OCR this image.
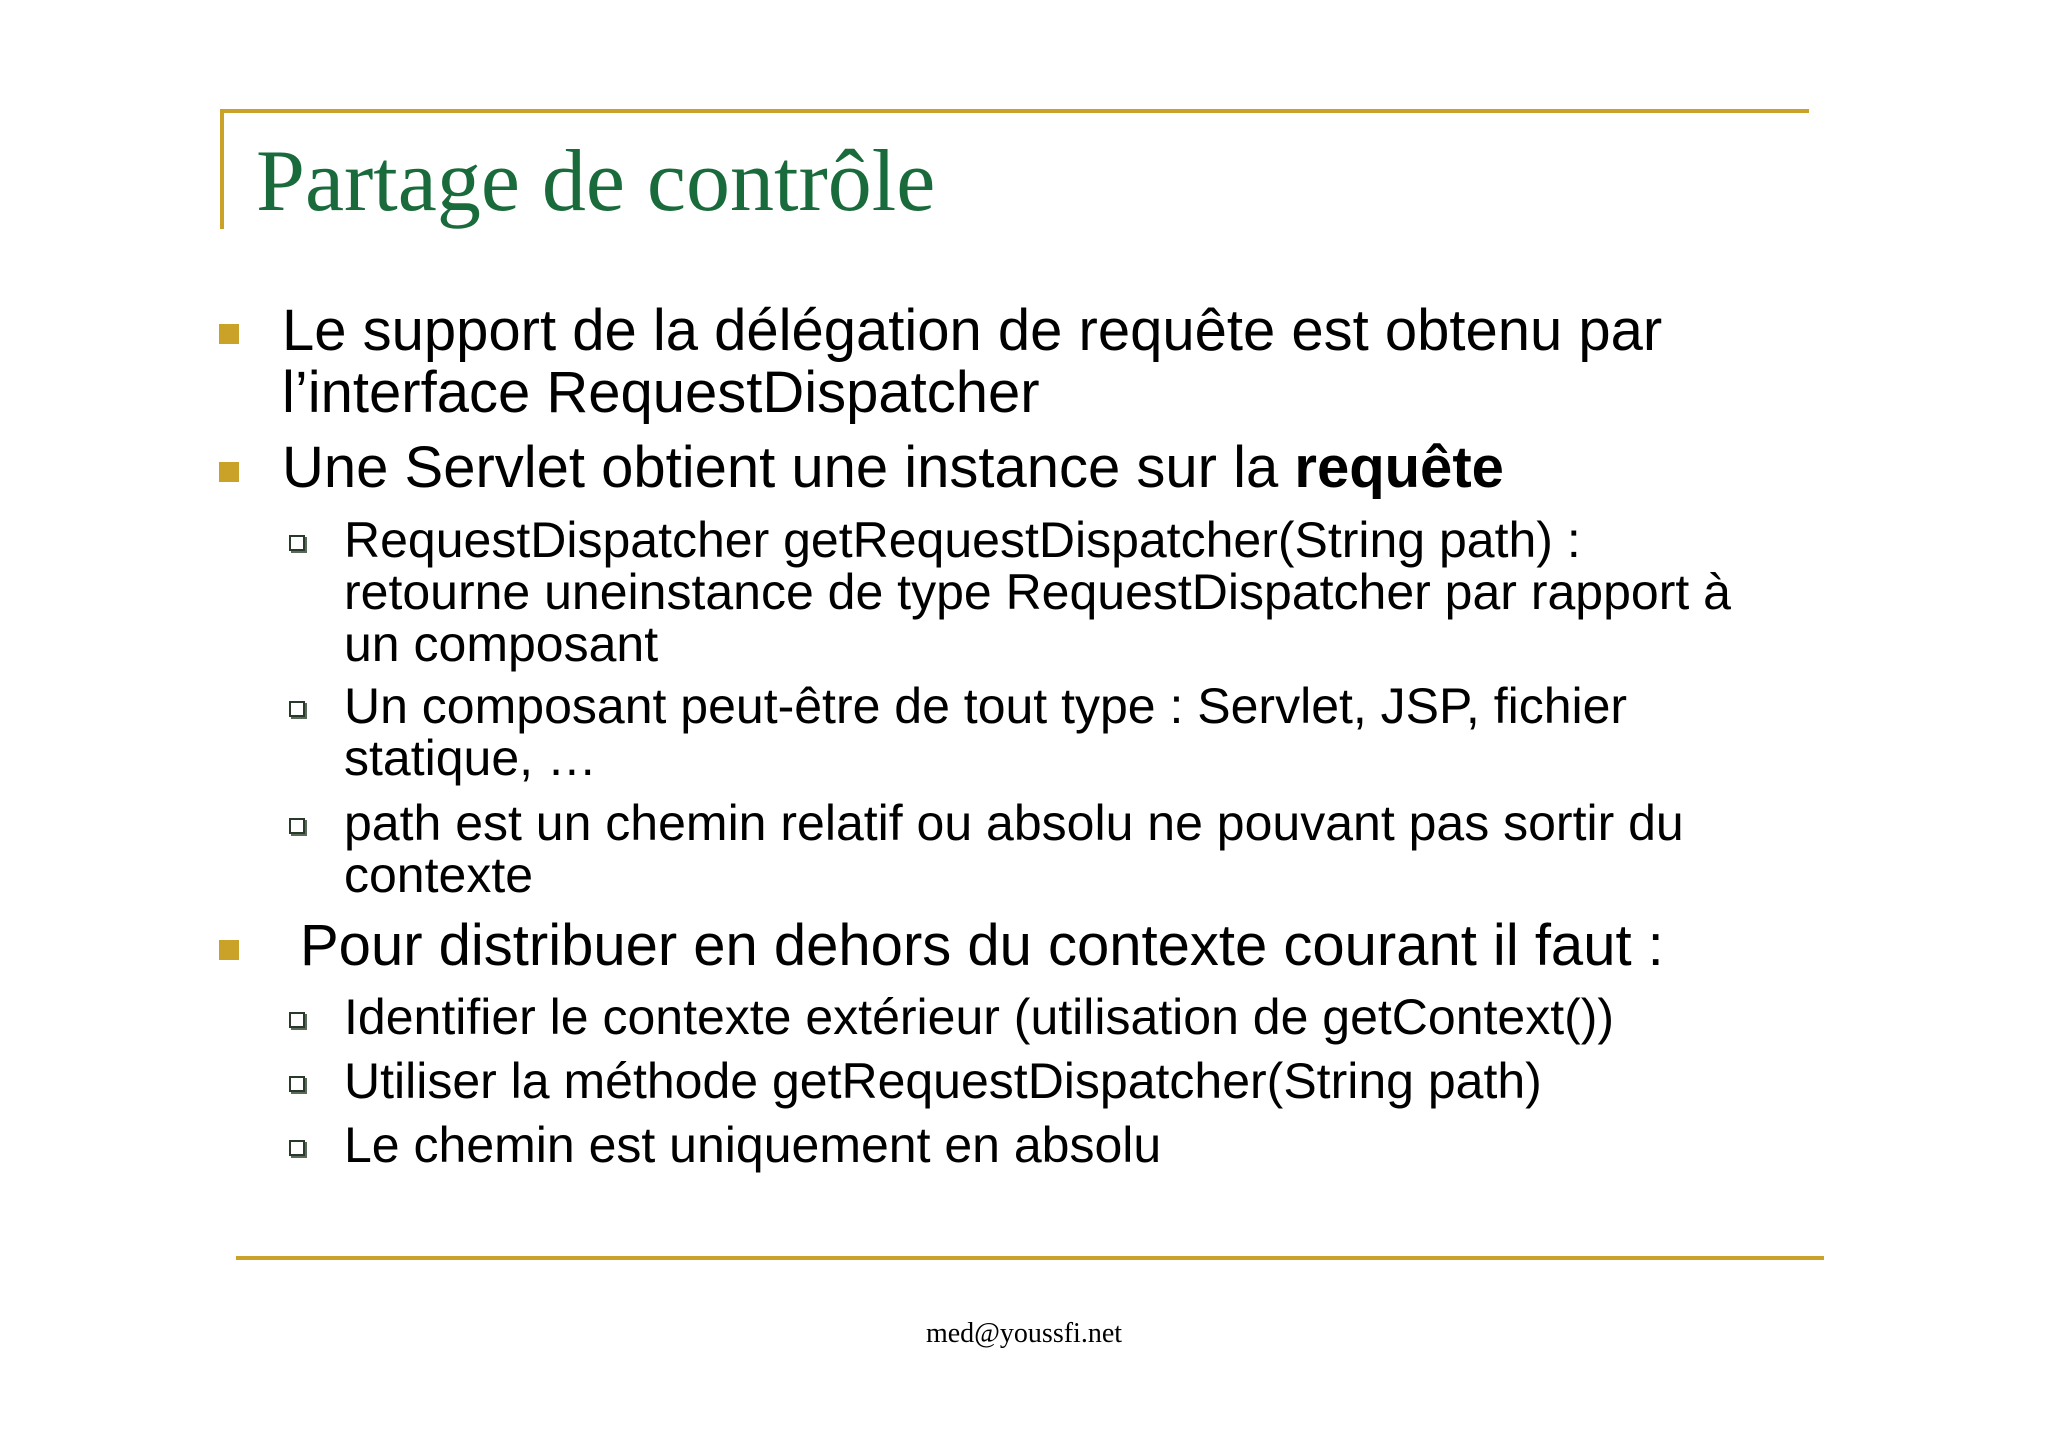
Partage de contrôle
Le support de la délégation de requête est obtenu par
l’interface RequestDispatcher
Une Servlet obtient une instance sur la requête
RequestDispatcher getRequestDispatcher(String path) :
retourne uneinstance de type RequestDispatcher par rapport à
un composant
Un composant peut-être de tout type : Servlet, JSP, fichier
statique, …
path est un chemin relatif ou absolu ne pouvant pas sortir du
contexte
Pour distribuer en dehors du contexte courant il faut :
Identifier le contexte extérieur (utilisation de getContext())
Utiliser la méthode getRequestDispatcher(String path)
Le chemin est uniquement en absolu
med@youssfi.net
